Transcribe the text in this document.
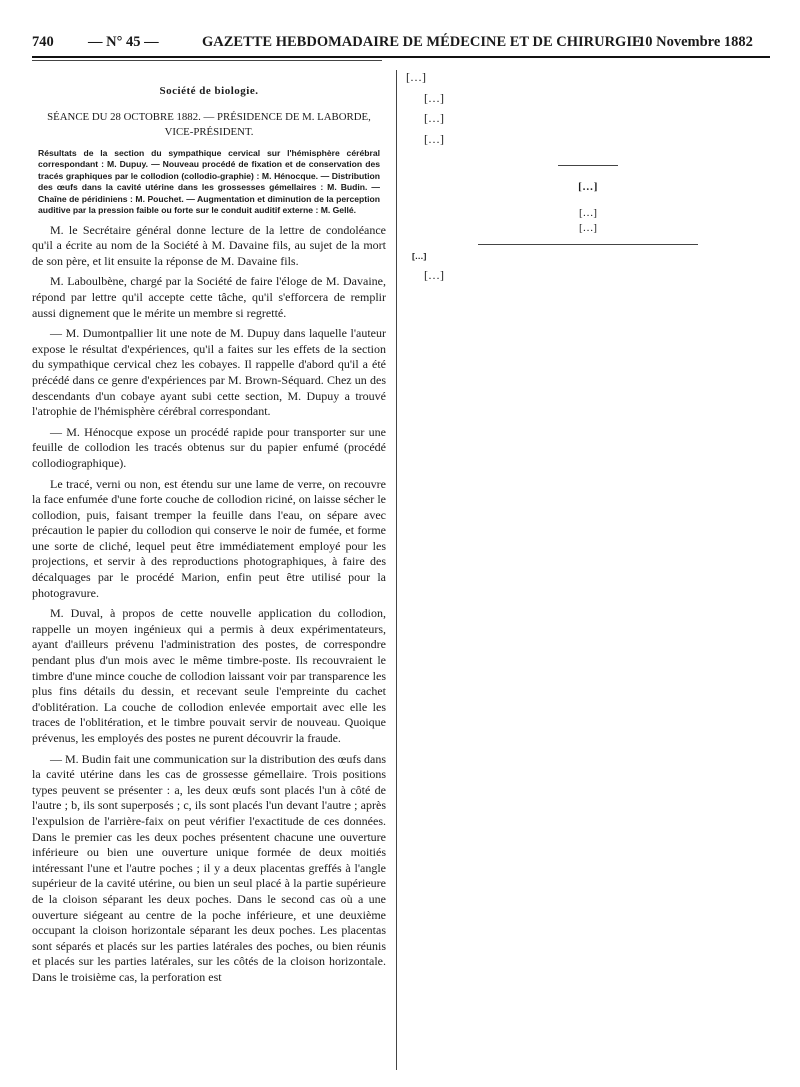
740 — N° 45 —	GAZETTE HEBDOMADAIRE DE MÉDECINE ET DE CHIRURGIE
10 Novembre 1882
Société de biologie.
SÉANCE DU 28 OCTOBRE 1882. — PRÉSIDENCE DE M. LABORDE, VICE-PRÉSIDENT.
Résultats de la section du sympathique cervical sur l'hémisphère cérébral correspondant : M. Dupuy. — Nouveau procédé de fixation et de conservation des tracés graphiques par le collodion (collodio-graphie) : M. Hénocque. — Distribution des œufs dans la cavité utérine dans les grossesses gémellaires : M. Budin. — Chaîne de péridiniens : M. Pouchet. — Augmentation et diminution de la perception auditive par la pression faible ou forte sur le conduit auditif externe : M. Gellé.

M. le Secrétaire général donne lecture de la lettre de condoléance qu'il a écrite au nom de la Société à M. Davaine fils, au sujet de la mort de son père, et lit ensuite la réponse de M. Davaine fils.

M. Laboulbène, chargé par la Société de faire l'éloge de M. Davaine, répond par lettre qu'il accepte cette tâche, qu'il s'efforcera de remplir aussi dignement que le mérite un membre si regretté.

— M. Dumontpallier lit une note de M. Dupuy dans laquelle l'auteur expose le résultat d'expériences, qu'il a faites sur les effets de la section du sympathique cervical chez les cobayes. Il rappelle d'abord qu'il a été précédé dans ce genre d'expériences par M. Brown-Séquard. Chez un des descendants d'un cobaye ayant subi cette section, M. Dupuy a trouvé l'atrophie de l'hémisphère cérébral correspondant.

— M. Hénocque expose un procédé rapide pour transporter sur une feuille de collodion les tracés obtenus sur du papier enfumé (procédé collodiographique).

Le tracé, verni ou non, est étendu sur une lame de verre, on recouvre la face enfumée d'une forte couche de collodion riciné, on laisse sécher le collodion, puis, faisant tremper la feuille dans l'eau, on sépare avec précaution le papier du collodion qui conserve le noir de fumée, et forme une sorte de cliché, lequel peut être immédiatement employé pour les projections, et servir à des reproductions photographiques, à faire des décalquages par le procédé Marion, enfin peut être utilisé pour la photogravure.

M. Duval, à propos de cette nouvelle application du collodion, rappelle un moyen ingénieux qui a permis à deux expérimentateurs, ayant d'ailleurs prévenu l'administration des postes, de correspondre pendant plus d'un mois avec le même timbre-poste. Ils recouvraient le timbre d'une mince couche de collodion laissant voir par transparence les plus fins détails du dessin, et recevant seule l'empreinte du cachet d'oblitération. La couche de collodion enlevée emportait avec elle les traces de l'oblitération, et le timbre pouvait servir de nouveau. Quoique prévenus, les employés des postes ne purent découvrir la fraude.

— M. Budin fait une communication sur la distribution des œufs dans la cavité utérine dans les cas de grossesse gémellaire. Trois positions types peuvent se présenter : a, les deux œufs sont placés l'un à côté de l'autre ; b, ils sont superposés ; c, ils sont placés l'un devant l'autre ; après l'expulsion de l'arrière-faix on peut vérifier l'exactitude de ces données. Dans le premier cas les deux poches présentent chacune une ouverture inférieure ou bien une ouverture unique formée de deux moitiés intéressant l'une et l'autre poches ; il y a deux placentas greffés à l'angle supérieur de la cavité utérine, ou bien un seul placé à la partie supérieure de la cloison séparant les deux poches. Dans le second cas où a une ouverture siégeant au centre de la poche inférieure, et une deuxième occupant la cloison horizontale séparant les deux poches. Les placentas sont séparés et placés sur les parties latérales des poches, ou bien réunis et placés sur les parties latérales, sur les côtés de la cloison horizontale. Dans le troisième cas, la perforation est

[…]

[…]

[…]

[…]

[…]
[…]
[…]
[…]

[…]
